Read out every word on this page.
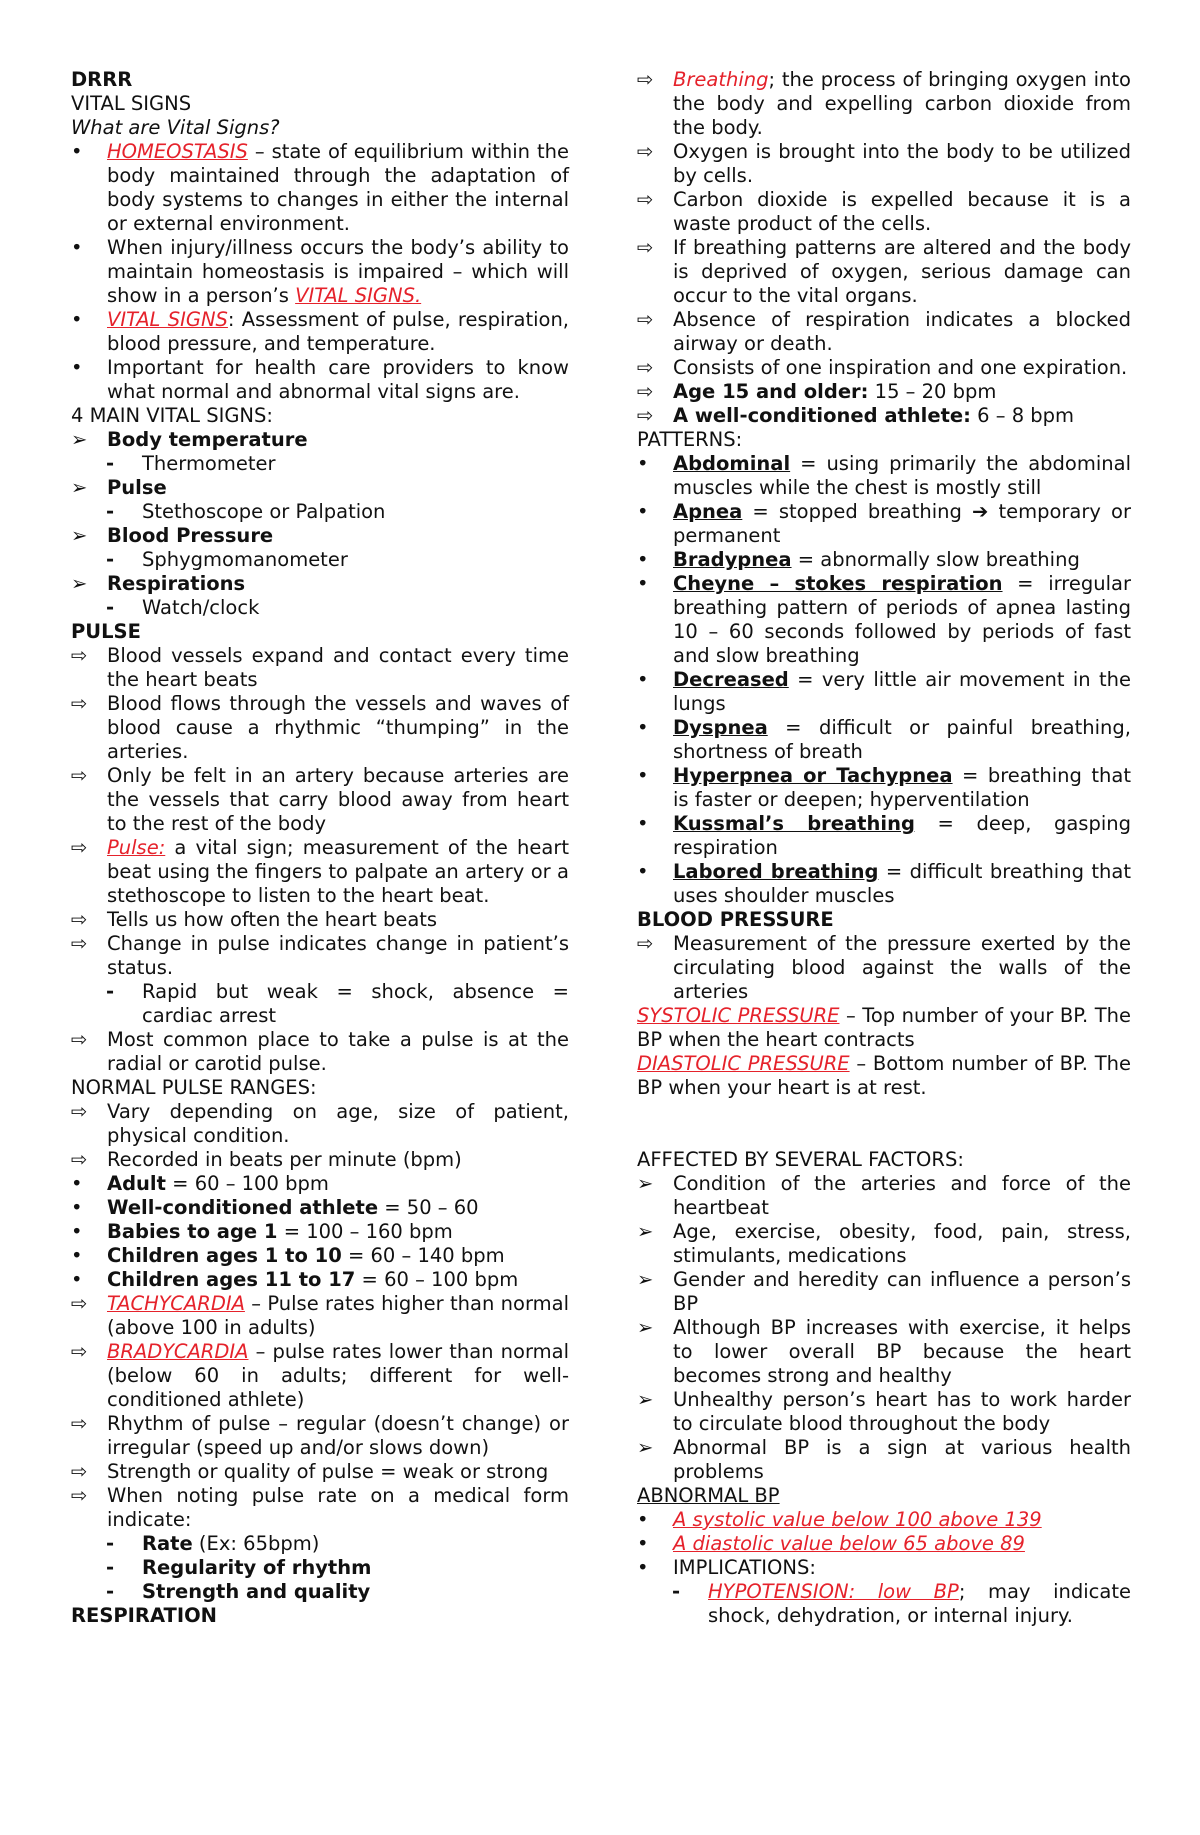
DRRR
VITAL SIGNS
What are Vital Signs?
•	HOMEOSTASIS – state of equilibrium within the body maintained through the adaptation of body systems to changes in either the internal or external environment.
•	When injury/illness occurs the body’s ability to maintain homeostasis is impaired – which will show in a person’s VITAL SIGNS.
•	VITAL SIGNS: Assessment of pulse, respiration, blood pressure, and temperature.
•	Important for health care providers to know what normal and abnormal vital signs are.
4 MAIN VITAL SIGNS:
➢	Body temperature
- Thermometer
➢	Pulse
- Stethoscope or Palpation
➢	Blood Pressure
- Sphygmomanometer
➢	Respirations
- Watch/clock
PULSE
⇨	Blood vessels expand and contact every time the heart beats
⇨	Blood flows through the vessels and waves of blood cause a rhythmic “thumping” in the arteries.
⇨	Only be felt in an artery because arteries are the vessels that carry blood away from heart to the rest of the body
⇨	Pulse: a vital sign; measurement of the heart beat using the fingers to palpate an artery or a stethoscope to listen to the heart beat.
⇨	Tells us how often the heart beats
⇨	Change in pulse indicates change in patient’s status.
- Rapid but weak = shock, absence = cardiac arrest
⇨	Most common place to take a pulse is at the radial or carotid pulse.
NORMAL PULSE RANGES:
⇨	Vary depending on age, size of patient, physical condition.
⇨	Recorded in beats per minute (bpm)
•	Adult = 60 – 100 bpm
•	Well-conditioned athlete = 50 – 60
•	Babies to age 1 = 100 – 160 bpm
•	Children ages 1 to 10 = 60 – 140 bpm
•	Children ages 11 to 17 = 60 – 100 bpm
⇨	TACHYCARDIA – Pulse rates higher than normal (above 100 in adults)
⇨	BRADYCARDIA – pulse rates lower than normal (below 60 in adults; different for well-conditioned athlete)
⇨	Rhythm of pulse – regular (doesn’t change) or irregular (speed up and/or slows down)
⇨	Strength or quality of pulse = weak or strong
⇨	When noting pulse rate on a medical form indicate:
- Rate (Ex: 65bpm)
- Regularity of rhythm
- Strength and quality
RESPIRATION
⇨	Breathing; the process of bringing oxygen into the body and expelling carbon dioxide from the body.
⇨	Oxygen is brought into the body to be utilized by cells.
⇨	Carbon dioxide is expelled because it is a waste product of the cells.
⇨	If breathing patterns are altered and the body is deprived of oxygen, serious damage can occur to the vital organs.
⇨	Absence of respiration indicates a blocked airway or death.
⇨	Consists of one inspiration and one expiration.
⇨	Age 15 and older: 15 – 20 bpm
⇨	A well-conditioned athlete: 6 – 8 bpm
PATTERNS:
•	Abdominal = using primarily the abdominal muscles while the chest is mostly still
•	Apnea = stopped breathing ➔ temporary or permanent
•	Bradypnea = abnormally slow breathing
•	Cheyne – stokes respiration = irregular breathing pattern of periods of apnea lasting 10 – 60 seconds followed by periods of fast and slow breathing
•	Decreased = very little air movement in the lungs
•	Dyspnea = difficult or painful breathing, shortness of breath
•	Hyperpnea or Tachypnea = breathing that is faster or deepen; hyperventilation
•	Kussmal’s breathing = deep, gasping respiration
•	Labored breathing = difficult breathing that uses shoulder muscles
BLOOD PRESSURE
⇨	Measurement of the pressure exerted by the circulating blood against the walls of the arteries
SYSTOLIC PRESSURE – Top number of your BP. The BP when the heart contracts
DIASTOLIC PRESSURE – Bottom number of BP. The BP when your heart is at rest.
AFFECTED BY SEVERAL FACTORS:
➢	Condition of the arteries and force of the heartbeat
➢	Age, exercise, obesity, food, pain, stress, stimulants, medications
➢	Gender and heredity can influence a person’s BP
➢	Although BP increases with exercise, it helps to lower overall BP because the heart becomes strong and healthy
➢	Unhealthy person’s heart has to work harder to circulate blood throughout the body
➢	Abnormal BP is a sign at various health problems
ABNORMAL BP
•	A systolic value below 100 above 139
•	A diastolic value below 65 above 89
•	IMPLICATIONS:
- HYPOTENSION: low BP; may indicate shock, dehydration, or internal injury.
